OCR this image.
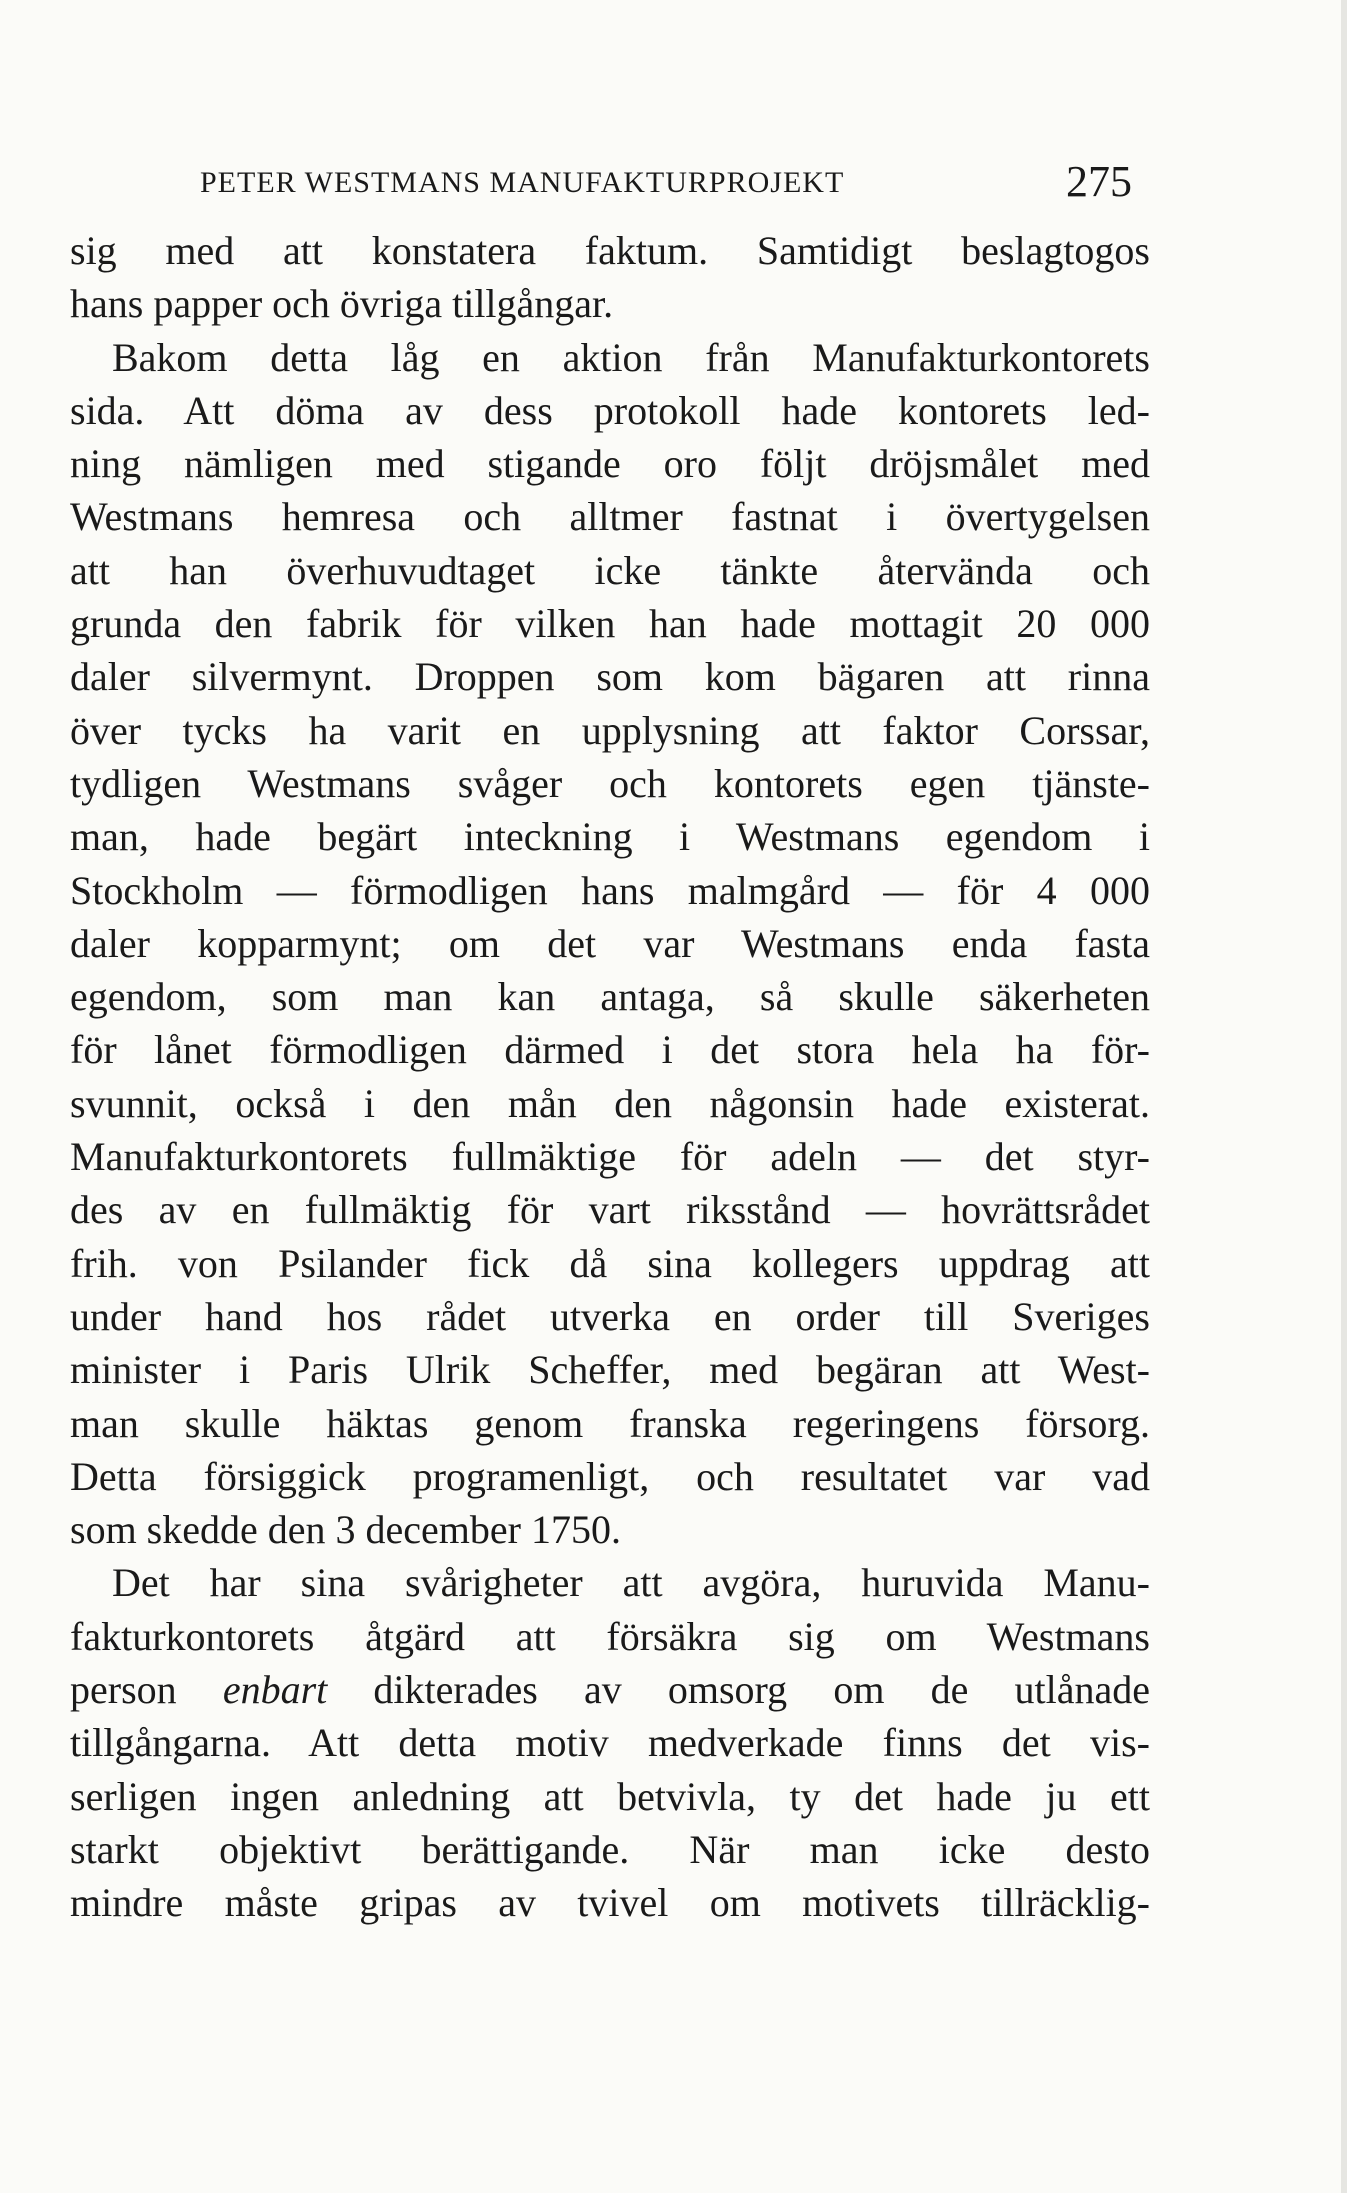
PETER WESTMANS MANUFAKTURPROJEKT	275
sig med att konstatera faktum. Samtidigt beslagtogos
hans papper och övriga tillgångar.
Bakom detta låg en aktion från Manufakturkontorets
sida. Att döma av dess protokoll hade kontorets led-
ning nämligen med stigande oro följt dröjsmålet med
Westmans hemresa och alltmer fastnat i övertygelsen
att han överhuvudtaget icke tänkte återvända och
grunda den fabrik för vilken han hade mottagit 20 000
daler silvermynt. Droppen som kom bägaren att rinna
över tycks ha varit en upplysning att faktor Corssar,
tydligen Westmans svåger och kontorets egen tjänste-
man, hade begärt inteckning i Westmans egendom i
Stockholm — förmodligen hans malmgård — för 4 000
daler kopparmynt; om det var Westmans enda fasta
egendom, som man kan antaga, så skulle säkerheten
för lånet förmodligen därmed i det stora hela ha för-
svunnit, också i den mån den någonsin hade existerat.
Manufakturkontorets fullmäktige för adeln — det styr-
des av en fullmäktig för vart riksstånd — hovrättsrådet
frih. von Psilander fick då sina kollegers uppdrag att
under hand hos rådet utverka en order till Sveriges
minister i Paris Ulrik Scheffer, med begäran att West-
man skulle häktas genom franska regeringens försorg.
Detta försiggick programenligt, och resultatet var vad
som skedde den 3 december 1750.
Det har sina svårigheter att avgöra, huruvida Manu-
fakturkontorets åtgärd att försäkra sig om Westmans
person enbart dikterades av omsorg om de utlånade
tillgångarna. Att detta motiv medverkade finns det vis-
serligen ingen anledning att betvivla, ty det hade ju ett
starkt objektivt berättigande. När man icke desto
mindre måste gripas av tvivel om motivets tillräcklig-
